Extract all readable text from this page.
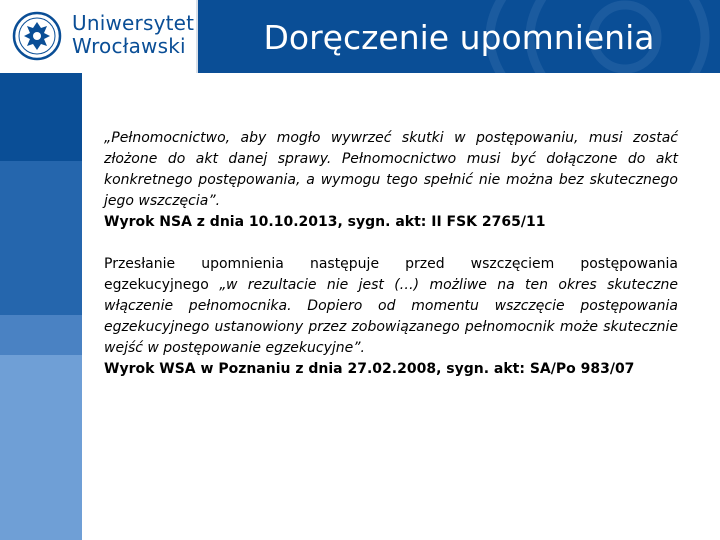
Uniwersytet
Wrocławski	Doręczenie upomnienia

„Pełnomocnictwo, aby mogło wywrzeć skutki w postępowaniu, musi zostać złożone do akt danej sprawy. Pełnomocnictwo musi być dołączone do akt konkretnego postępowania, a wymogu tego spełnić nie można bez skutecznego jego wszczęcia”.

Wyrok NSA z dnia 10.10.2013, sygn. akt: II FSK 2765/11

Przesłanie upomnienia następuje przed wszczęciem postępowania egzekucyjnego „w rezultacie nie jest (…) możliwe na ten okres skuteczne włączenie pełnomocnika. Dopiero od momentu wszczęcie postępowania egzekucyjnego ustanowiony przez zobowiązanego pełnomocnik może skutecznie wejść w postępowanie egzekucyjne”.

Wyrok WSA w Poznaniu z dnia 27.02.2008, sygn. akt: SA/Po 983/07
